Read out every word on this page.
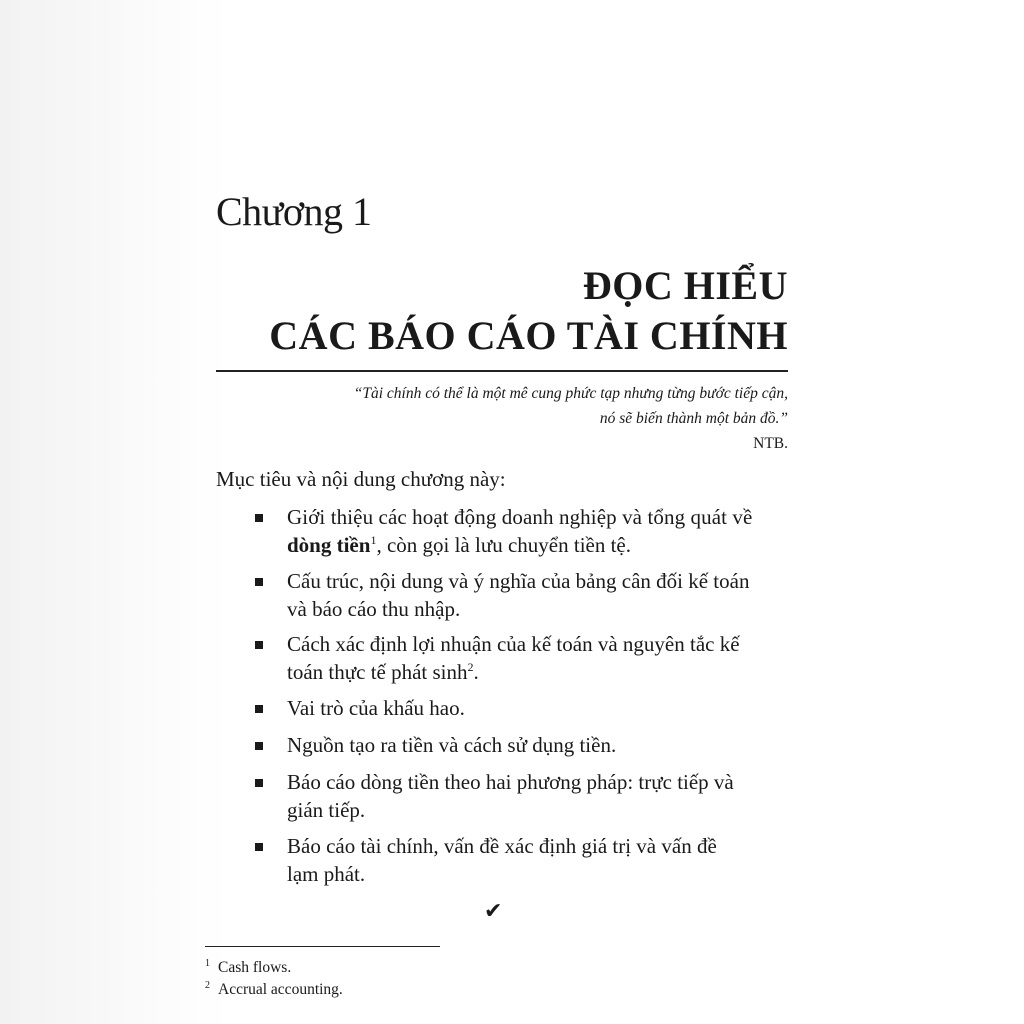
Chương 1
ĐỌC HIỂU
CÁC BÁO CÁO TÀI CHÍNH
“Tài chính có thể là một mê cung phức tạp nhưng từng bước tiếp cận,
nó sẽ biến thành một bản đồ.”
NTB.
Mục tiêu và nội dung chương này:
Giới thiệu các hoạt động doanh nghiệp và tổng quát về
dòng tiền$^1$, còn gọi là lưu chuyển tiền tệ.
Cấu trúc, nội dung và ý nghĩa của bảng cân đối kế toán
và báo cáo thu nhập.
Cách xác định lợi nhuận của kế toán và nguyên tắc kế
toán thực tế phát $\sinh^2$.
Vai trò của khấu hao.
Nguồn tạo ra tiền và cách sử dụng tiền.
Báo cáo dòng tiền theo hai phương pháp: trực tiếp và
gián tiếp.
Báo cáo tài chính, vấn đề xác định giá trị và vấn đề
lạm phát.
✔
$^1$ Cash flows.
$^2$ Accrual accounting.
